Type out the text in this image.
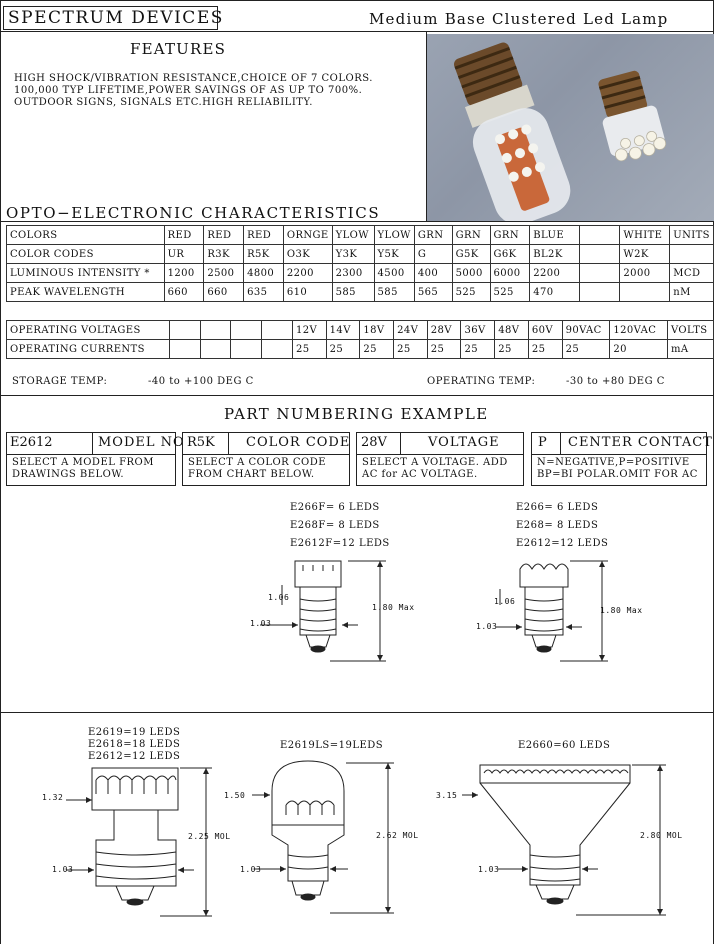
SPECTRUM DEVICES	Medium Base Clustered Led Lamp
FEATURES
HIGH SHOCK/VIBRATION RESISTANCE,CHOICE OF 7 COLORS.
100,000 TYP LIFETIME,POWER SAVINGS OF AS UP TO 700%.
OUTDOOR SIGNS, SIGNALS ETC.HIGH RELIABILITY.
OPTO−ELECTRONIC CHARACTERISTICS
COLORS	RED	RED	RED	ORNGE	YLOW	YLOW	GRN	GRN	GRN	BLUE		WHITE	UNITS
COLOR CODES	UR	R3K	R5K	O3K	Y3K	Y5K	G	G5K	G6K	BL2K		W2K	
LUMINOUS INTENSITY *	1200	2500	4800	2200	2300	4500	400	5000	6000	2200		2000	MCD
PEAK WAVELENGTH	660	660	635	610	585	585	565	525	525	470			nM
OPERATING VOLTAGES					12V	14V	18V	24V	28V	36V	48V	60V	90VAC	120VAC	VOLTS
OPERATING CURRENTS					25	25	25	25	25	25	25	25	25	20	mA
STORAGE TEMP:	-40 to +100 DEG C	OPERATING TEMP:	-30 to +80 DEG C
PART NUMBERING EXAMPLE
E2612	MODEL NO
SELECT A MODEL FROM
DRAWINGS BELOW.
R5K COLOR CODE
SELECT A COLOR CODE
FROM CHART BELOW.
28V	VOLTAGE
SELECT A VOLTAGE. ADD
AC for AC VOLTAGE.
P CENTER CONTACT
N=NEGATIVE,P=POSITIVE
BP=BI POLAR.OMIT FOR AC
E266F= 6 LEDS
E268F= 8 LEDS
E2612F=12 LEDS
E266= 6 LEDS
E268= 8 LEDS
E2612=12 LEDS
1.06
1.03
1.80 Max
1.06
1.03
1.80 Max
E2619=19 LEDS
E2618=18 LEDS
E2612=12 LEDS
E2619LS=19LEDS	E2660=60 LEDS
1.32
1.03
2.25 MOL
1.50
1.03
2.62 MOL
3.15
1.03
2.80 MOL
